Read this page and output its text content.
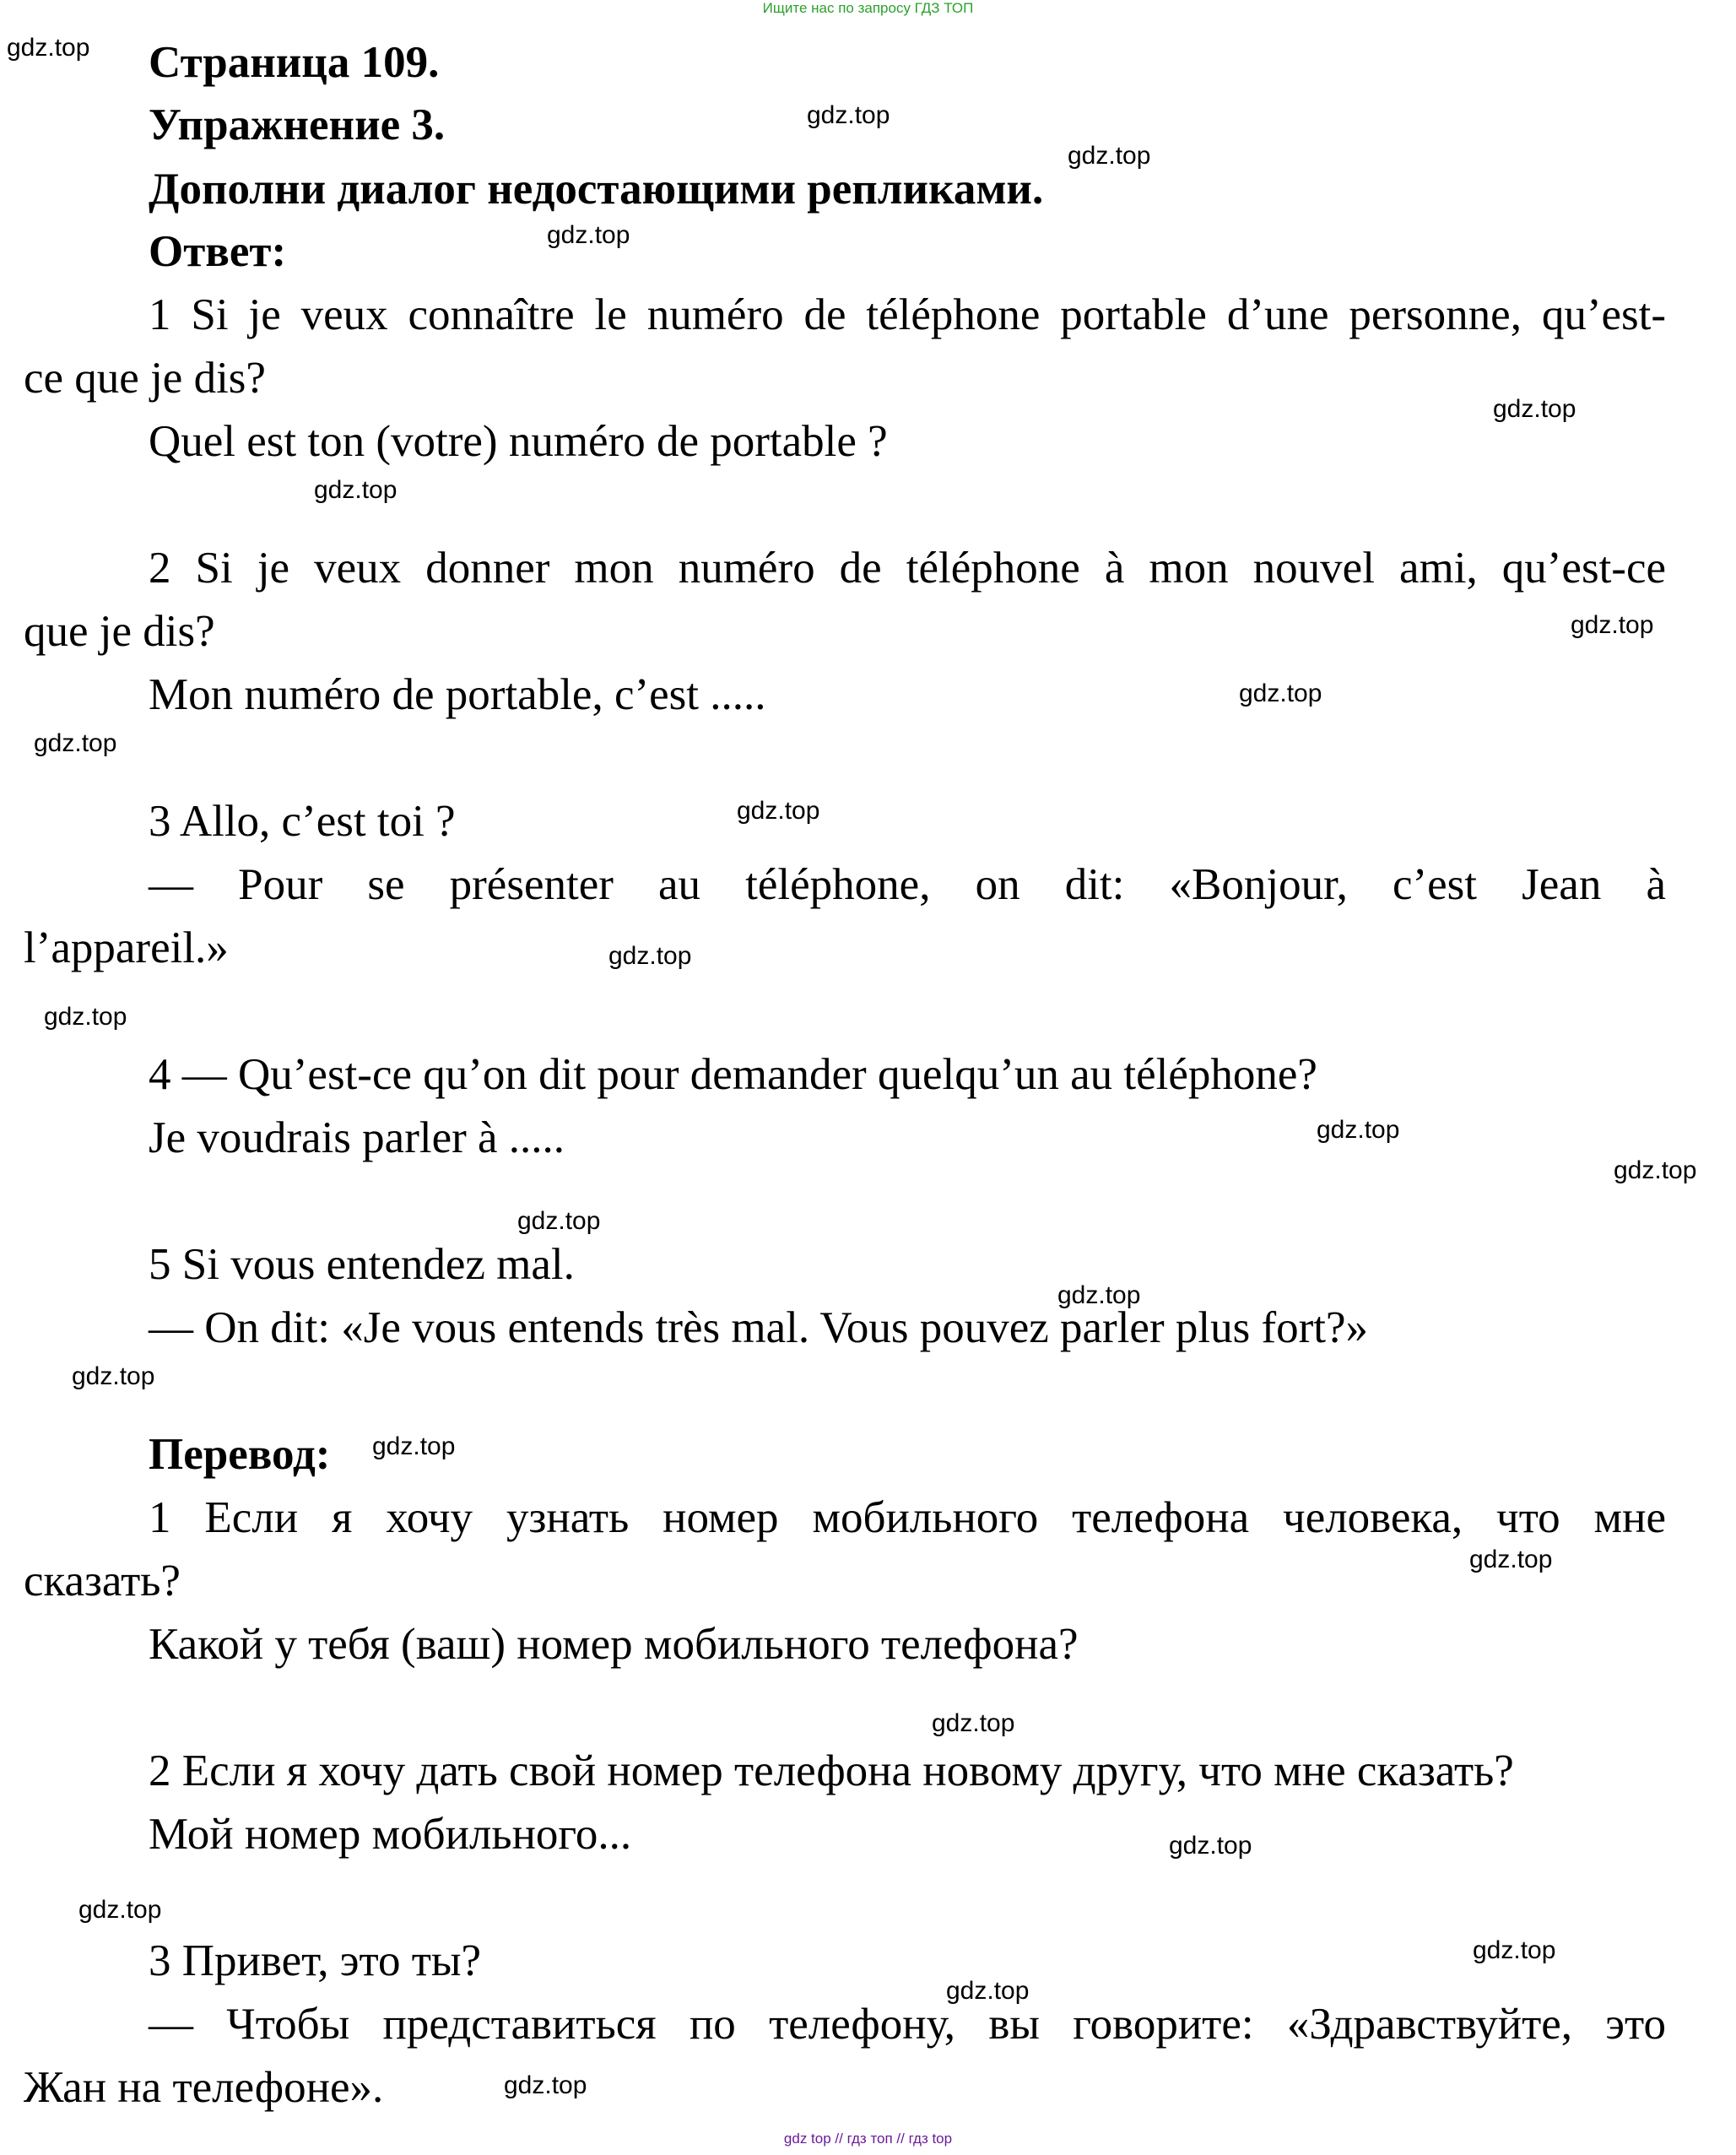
Ищите нас по запросу ГДЗ ТОП
Страница 109.
Упражнение 3.
Дополни диалог недостающими репликами.
Ответ:
1 Si je veux connaître le numéro de téléphone portable d’une personne, qu’est-
ce que je dis?
Quel est ton (votre) numéro de portable ?
2 Si je veux donner mon numéro de téléphone à mon nouvel ami, qu’est-ce
que je dis?
Mon numéro de portable, c’est .....
3 Allo, c’est toi ?
— Pour se présenter au téléphone, on dit: «Bonjour, c’est Jean à
l’appareil.»
4 — Qu’est-ce qu’on dit pour demander quelqu’un au téléphone?
Je voudrais parler à .....
5 Si vous entendez mal.
— On dit: «Je vous entends très mal. Vous pouvez parler plus fort?»
Перевод:
1 Если я хочу узнать номер мобильного телефона человека, что мне
сказать?
Какой у тебя (ваш) номер мобильного телефона?
2 Если я хочу дать свой номер телефона новому другу, что мне сказать?
Мой номер мобильного...
3 Привет, это ты?
— Чтобы представиться по телефону, вы говорите: «Здравствуйте, это
Жан на телефоне».
gdz.top
gdz.top
gdz.top
gdz.top
gdz.top
gdz.top
gdz.top
gdz.top
gdz.top
gdz.top
gdz.top
gdz.top
gdz.top
gdz.top
gdz.top
gdz.top
gdz.top
gdz.top
gdz.top
gdz.top
gdz.top
gdz.top
gdz.top
gdz.top
gdz.top
gdz top // гдз топ // гдз top
